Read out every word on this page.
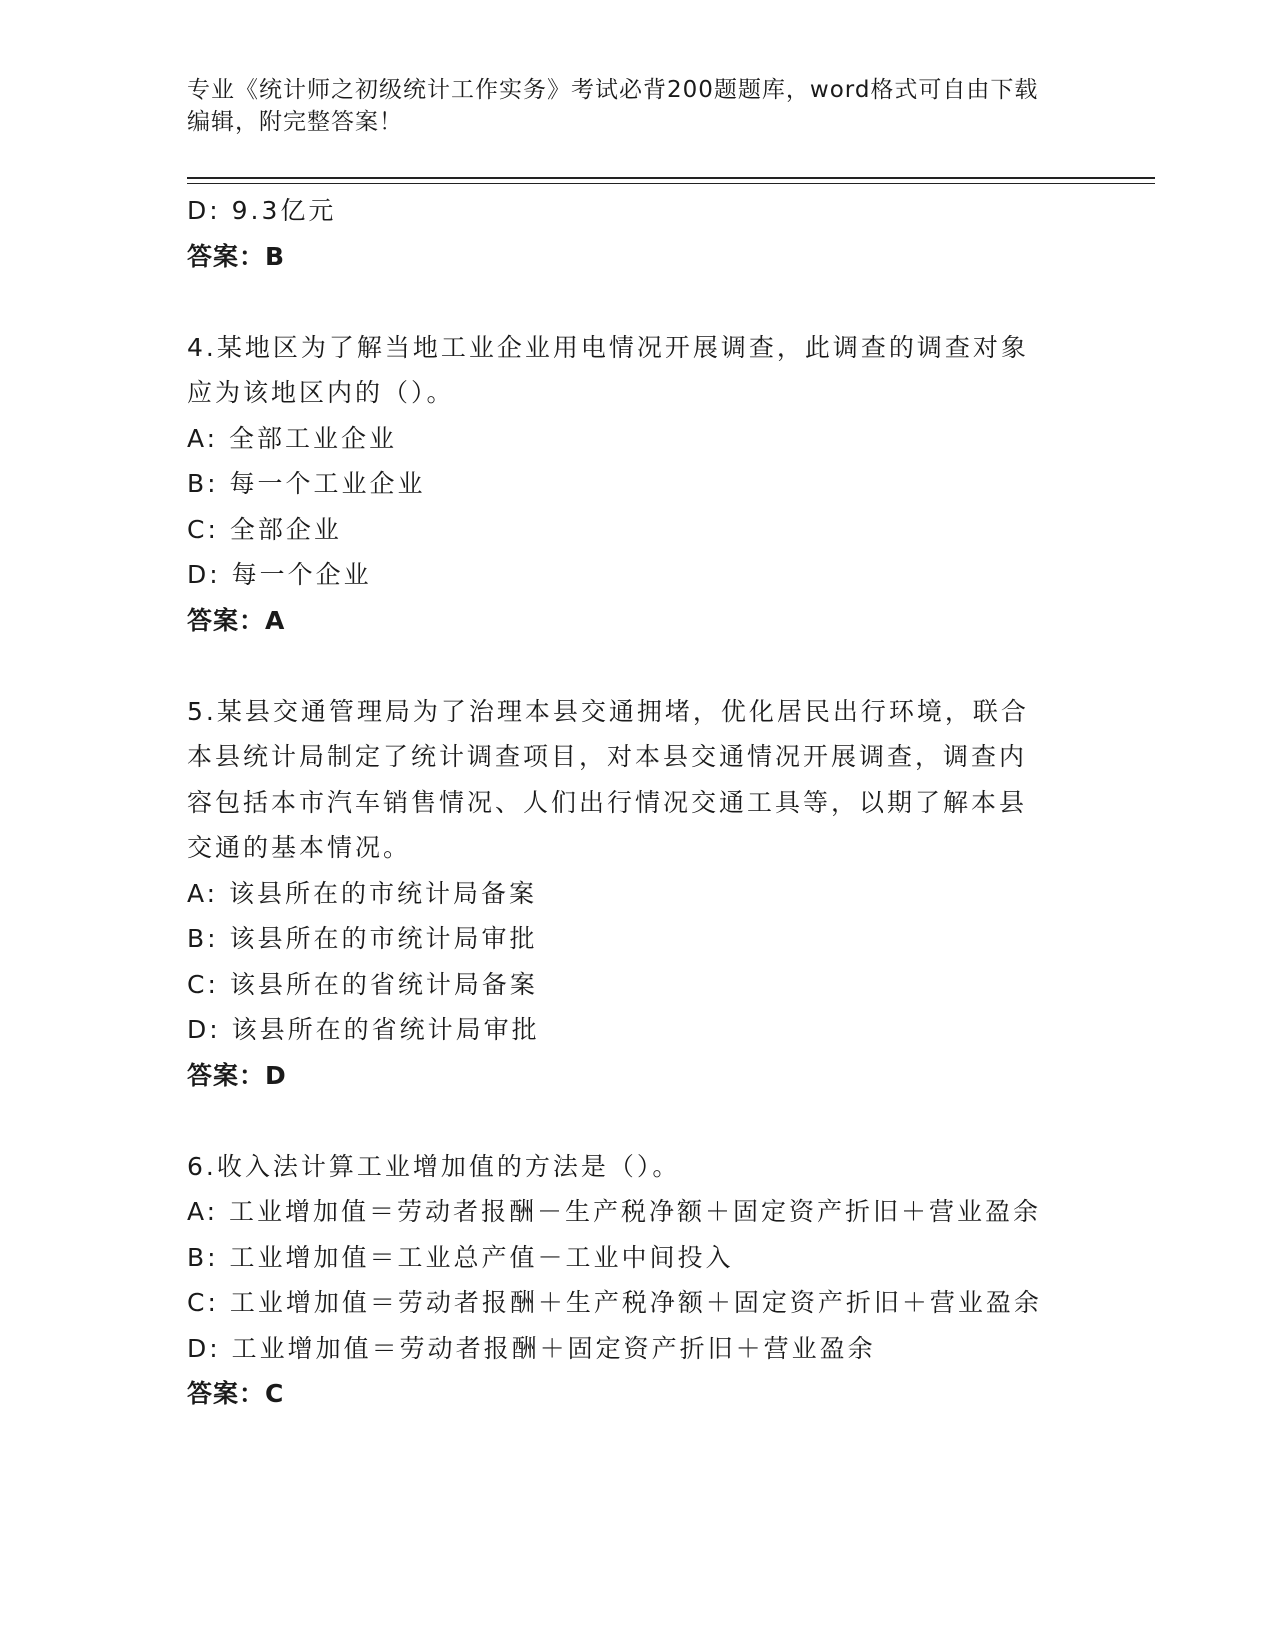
专业《统计师之初级统计工作实务》考试必背200题题库，word格式可自由下载
编辑，附完整答案！
D: 9.3亿元
答案：B
4.某地区为了解当地工业企业用电情况开展调查，此调查的调查对象
应为该地区内的（）。
A: 全部工业企业
B: 每一个工业企业
C: 全部企业
D: 每一个企业
答案：A
5.某县交通管理局为了治理本县交通拥堵，优化居民出行环境，联合
本县统计局制定了统计调查项目，对本县交通情况开展调查，调查内
容包括本市汽车销售情况、人们出行情况交通工具等，以期了解本县
交通的基本情况。
A: 该县所在的市统计局备案
B: 该县所在的市统计局审批
C: 该县所在的省统计局备案
D: 该县所在的省统计局审批
答案：D
6.收入法计算工业增加值的方法是（）。
A: 工业增加值＝劳动者报酬－生产税净额＋固定资产折旧＋营业盈余
B: 工业增加值＝工业总产值－工业中间投入
C: 工业增加值＝劳动者报酬＋生产税净额＋固定资产折旧＋营业盈余
D: 工业增加值＝劳动者报酬＋固定资产折旧＋营业盈余
答案：C
